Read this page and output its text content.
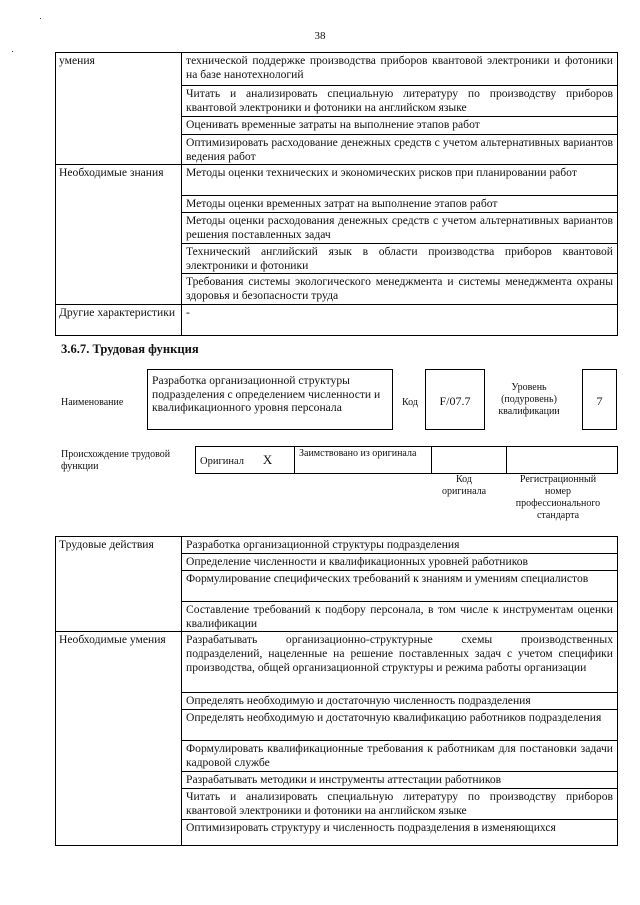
38
умения	технической поддержке производства приборов квантовой электроники и фотоники на базе нанотехнологий
	Читать и анализировать специальную литературу по производству приборов квантовой электроники и фотоники на английском языке
	Оценивать временные затраты на выполнение этапов работ
	Оптимизировать расходование денежных средств с учетом альтернативных вариантов ведения работ
Необходимые знания	Методы оценки технических и экономических рисков при планировании работ
	Методы оценки временных затрат на выполнение этапов работ
	Методы оценки расходования денежных средств с учетом альтернативных вариантов решения поставленных задач
	Технический английский язык в области производства приборов квантовой электроники и фотоники
	Требования системы экологического менеджмента и системы менеджмента охраны здоровья и безопасности труда
Другие характеристики	-
3.6.7. Трудовая функция
Наименование
Разработка организационной структуры подразделения с определением численности и квалификационного уровня персонала	Код	F/07.7
Уровень (подуровень) квалификации
7
Происхождение трудовой функции	Оригинал X	Заимствовано из оригинала		
Код оригинала
Регистрационный номер профессионального стандарта
Трудовые действия	Разработка организационной структуры подразделения
	Определение численности и квалификационных уровней работников
	Формулирование специфических требований к знаниям и умениям специалистов
	Составление требований к подбору персонала, в том числе к инструментам оценки квалификации
Необходимые умения	Разрабатывать организационно-структурные схемы производственных подразделений, нацеленные на решение поставленных задач с учетом специфики производства, общей организационной структуры и режима работы организации
	Определять необходимую и достаточную численность подразделения
	Определять необходимую и достаточную квалификацию работников подразделения
	Формулировать квалификационные требования к работникам для постановки задачи кадровой службе
	Разрабатывать методики и инструменты аттестации работников
	Читать и анализировать специальную литературу по производству приборов квантовой электроники и фотоники на английском языке
	Оптимизировать структуру и численность подразделения в изменяющихся
